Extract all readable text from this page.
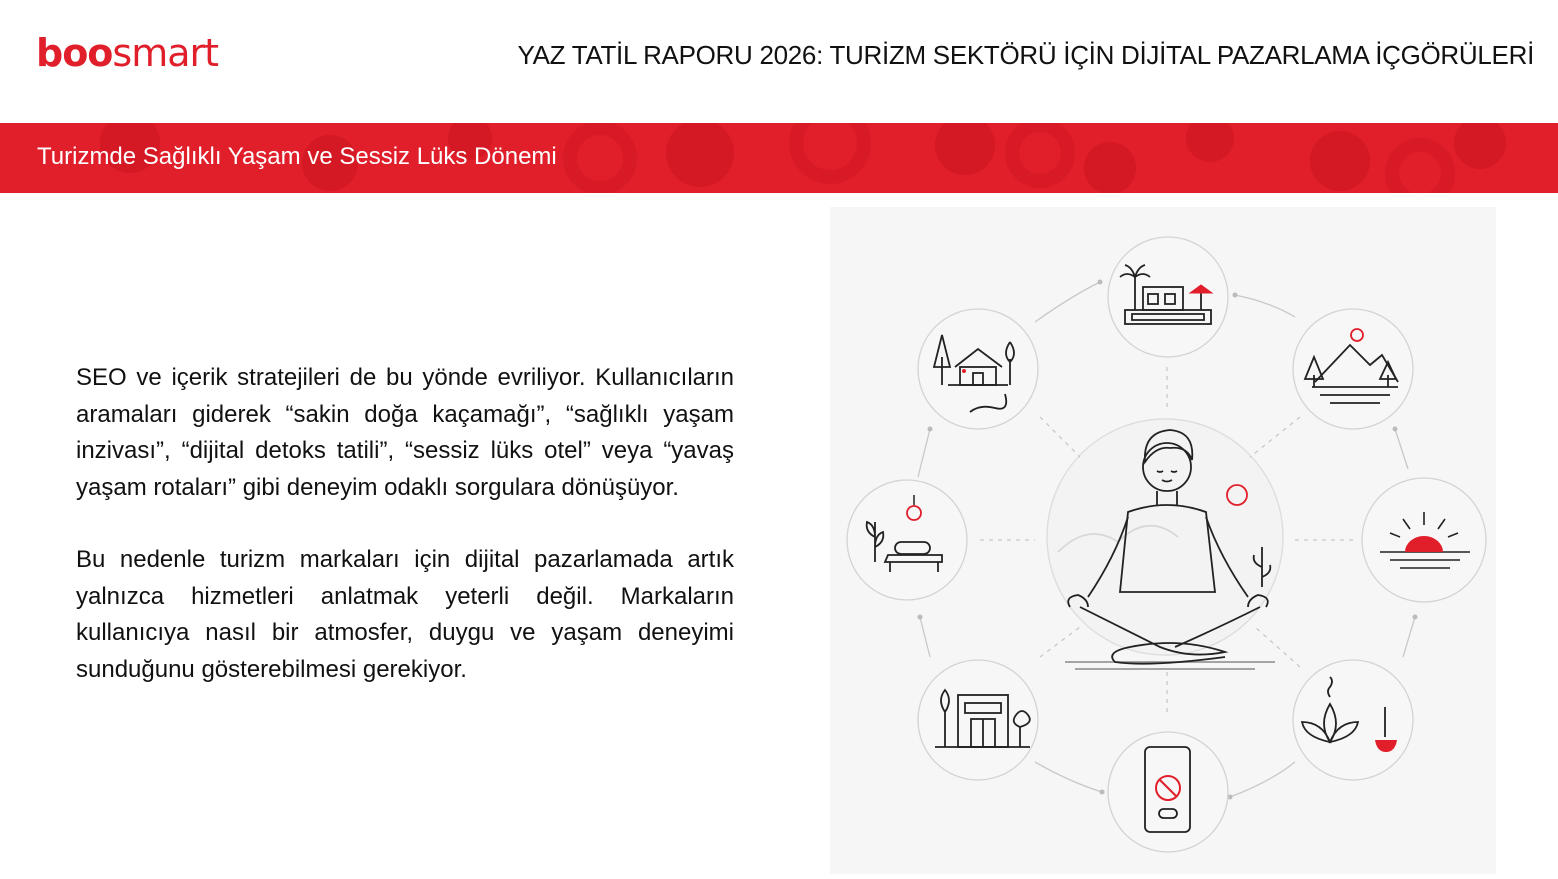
boosmart	YAZ TATİL RAPORU 2026: TURİZM SEKTÖRÜ İÇİN DİJİTAL PAZARLAMA İÇGÖRÜLERİ
Turizmde Sağlıklı Yaşam ve Sessiz Lüks Dönemi

SEO ve içerik stratejileri de bu yönde evriliyor. Kullanıcıların aramaları giderek “sakin doğa kaçamağı”, “sağlıklı yaşam inzivası”, “dijital detoks tatili”, “sessiz lüks otel” veya “yavaş yaşam rotaları” gibi deneyim odaklı sorgulara dönüşüyor.

Bu nedenle turizm markaları için dijital pazarlamada artık yalnızca hizmetleri anlatmak yeterli değil. Markaların kullanıcıya nasıl bir atmosfer, duygu ve yaşam deneyimi sunduğunu gösterebilmesi gerekiyor.
